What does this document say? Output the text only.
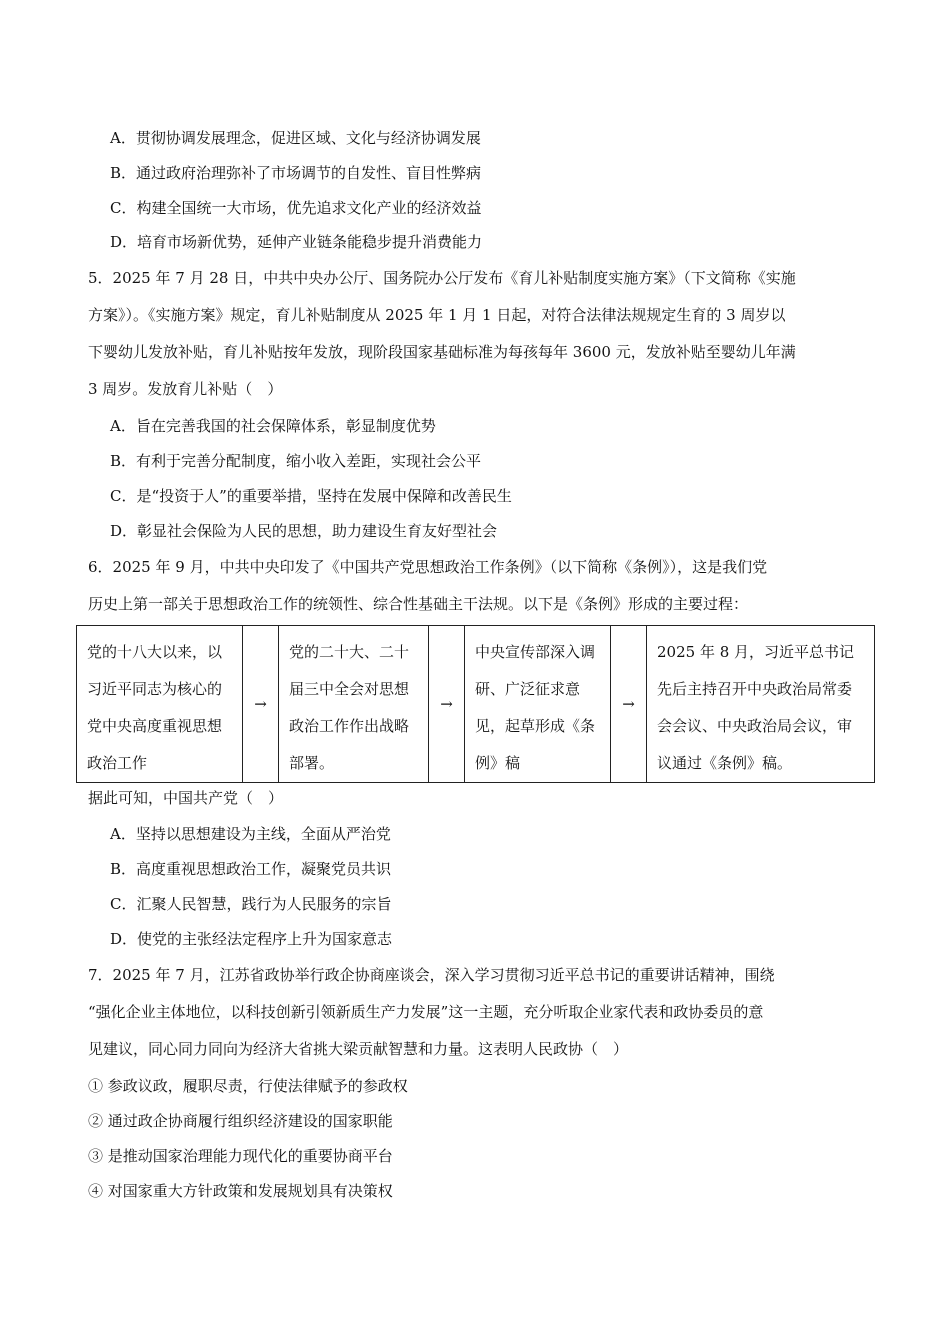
A．贯彻协调发展理念，促进区域、文化与经济协调发展
B．通过政府治理弥补了市场调节的自发性、盲目性弊病
C．构建全国统一大市场，优先追求文化产业的经济效益
D．培育市场新优势，延伸产业链条能稳步提升消费能力
5．2025 年 7 月 28 日，中共中央办公厅、国务院办公厅发布《育儿补贴制度实施方案》（下文简称《实施
方案》）。《实施方案》规定，育儿补贴制度从 2025 年 1 月 1 日起，对符合法律法规规定生育的 3 周岁以
下婴幼儿发放补贴，育儿补贴按年发放，现阶段国家基础标准为每孩每年 3600 元，发放补贴至婴幼儿年满
3 周岁。发放育儿补贴（　）
A．旨在完善我国的社会保障体系，彰显制度优势
B．有利于完善分配制度，缩小收入差距，实现社会公平
C．是“投资于人”的重要举措，坚持在发展中保障和改善民生
D．彰显社会保险为人民的思想，助力建设生育友好型社会
6．2025 年 9 月，中共中央印发了《中国共产党思想政治工作条例》（以下简称《条例》），这是我们党
历史上第一部关于思想政治工作的统领性、综合性基础主干法规。以下是《条例》形成的主要过程：
党的十八大以来，以习近平同志为核心的党中央高度重视思想政治工作	→	党的二十大、二十届三中全会对思想政治工作作出战略部署。	→	中央宣传部深入调研、广泛征求意见，起草形成《条例》稿	→	2025 年 8 月，习近平总书记先后主持召开中央政治局常委会会议、中央政治局会议，审议通过《条例》稿。
据此可知，中国共产党（　）
A．坚持以思想建设为主线，全面从严治党
B．高度重视思想政治工作，凝聚党员共识
C．汇聚人民智慧，践行为人民服务的宗旨
D．使党的主张经法定程序上升为国家意志
7．2025 年 7 月，江苏省政协举行政企协商座谈会，深入学习贯彻习近平总书记的重要讲话精神，围绕
“强化企业主体地位，以科技创新引领新质生产力发展”这一主题，充分听取企业家代表和政协委员的意
见建议，同心同力同向为经济大省挑大梁贡献智慧和力量。这表明人民政协（　）
① 参政议政，履职尽责，行使法律赋予的参政权
② 通过政企协商履行组织经济建设的国家职能
③ 是推动国家治理能力现代化的重要协商平台
④ 对国家重大方针政策和发展规划具有决策权
